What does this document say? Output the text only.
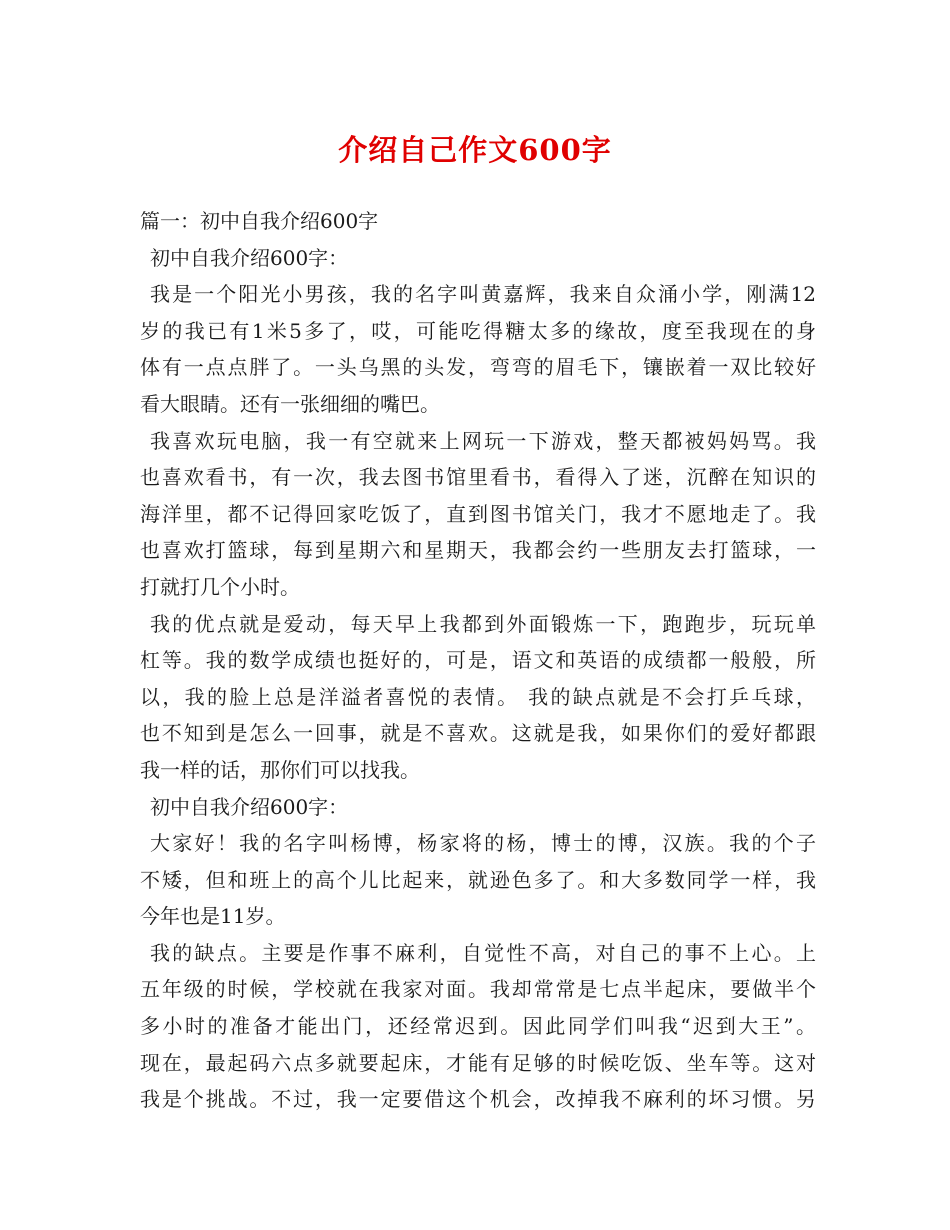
介绍自己作文600字
篇一：初中自我介绍600字
初中自我介绍600字：
我是一个阳光小男孩，我的名字叫黄嘉辉，我来自众涌小学，刚满12
岁的我已有1米5多了，哎，可能吃得糖太多的缘故，度至我现在的身
体有一点点胖了。一头乌黑的头发，弯弯的眉毛下，镶嵌着一双比较好
看大眼睛。还有一张细细的嘴巴。
我喜欢玩电脑，我一有空就来上网玩一下游戏，整天都被妈妈骂。我
也喜欢看书，有一次，我去图书馆里看书，看得入了迷，沉醉在知识的
海洋里，都不记得回家吃饭了，直到图书馆关门，我才不愿地走了。我
也喜欢打篮球，每到星期六和星期天，我都会约一些朋友去打篮球，一
打就打几个小时。
我的优点就是爱动，每天早上我都到外面锻炼一下，跑跑步，玩玩单
杠等。我的数学成绩也挺好的，可是，语文和英语的成绩都一般般，所
以，我的脸上总是洋溢者喜悦的表情。 我的缺点就是不会打乒乓球，
也不知到是怎么一回事，就是不喜欢。这就是我，如果你们的爱好都跟
我一样的话，那你们可以找我。
初中自我介绍600字：
大家好！我的名字叫杨博，杨家将的杨，博士的博，汉族。我的个子
不矮，但和班上的高个儿比起来，就逊色多了。和大多数同学一样，我
今年也是11岁。
我的缺点。主要是作事不麻利，自觉性不高，对自己的事不上心。上
五年级的时候，学校就在我家对面。我却常常是七点半起床，要做半个
多小时的准备才能出门，还经常迟到。因此同学们叫我“迟到大王”。
现在，最起码六点多就要起床，才能有足够的时候吃饭、坐车等。这对
我是个挑战。不过，我一定要借这个机会，改掉我不麻利的坏习惯。另
